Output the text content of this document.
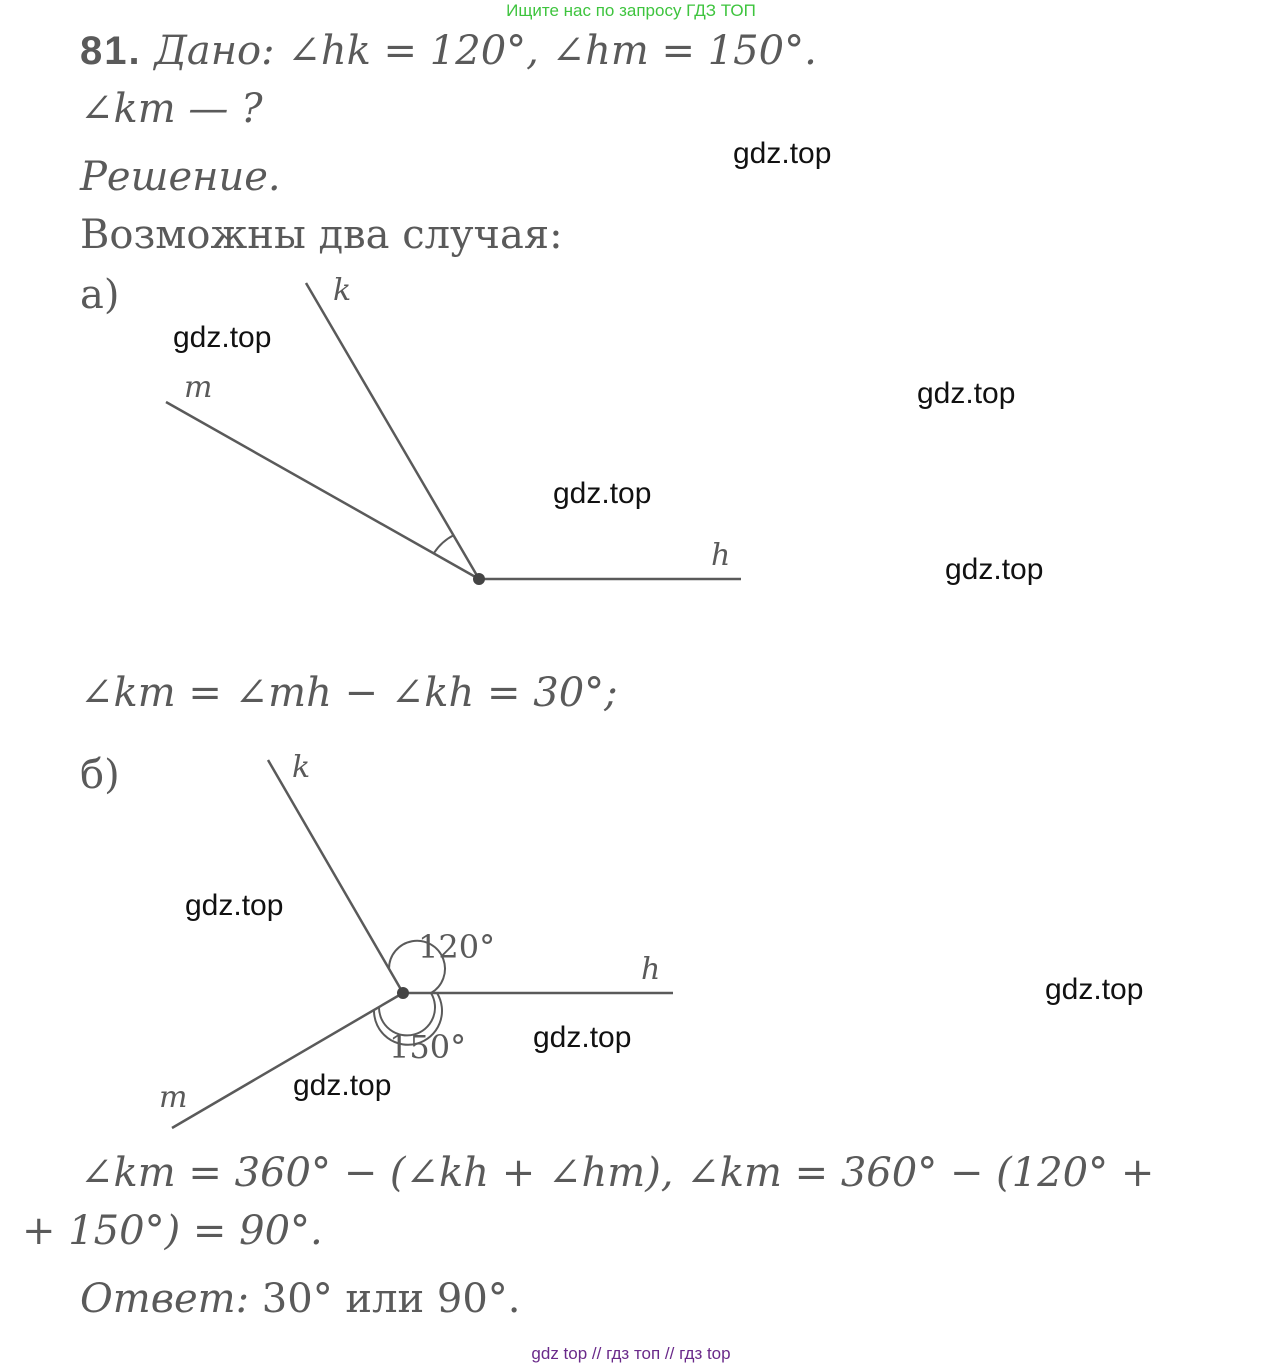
Ищите нас по запросу ГДЗ ТОП
81. Дано: ∠hk = 120°, ∠hm = 150°.
∠km — ?
Решение.
Возможны два случая:
а)	k
m
h
∠km = ∠mh − ∠kh = 30°;
б)	k
m
h
120°
150°
∠km = 360° − (∠kh + ∠hm), ∠km = 360° − (120° +
+ 150°) = 90°.
Ответ: 30° или 90°.
gdz.top
gdz.top
gdz.top
gdz.top
gdz.top
gdz.top
gdz.top
gdz.top
gdz.top
gdz top // гдз топ // гдз top
